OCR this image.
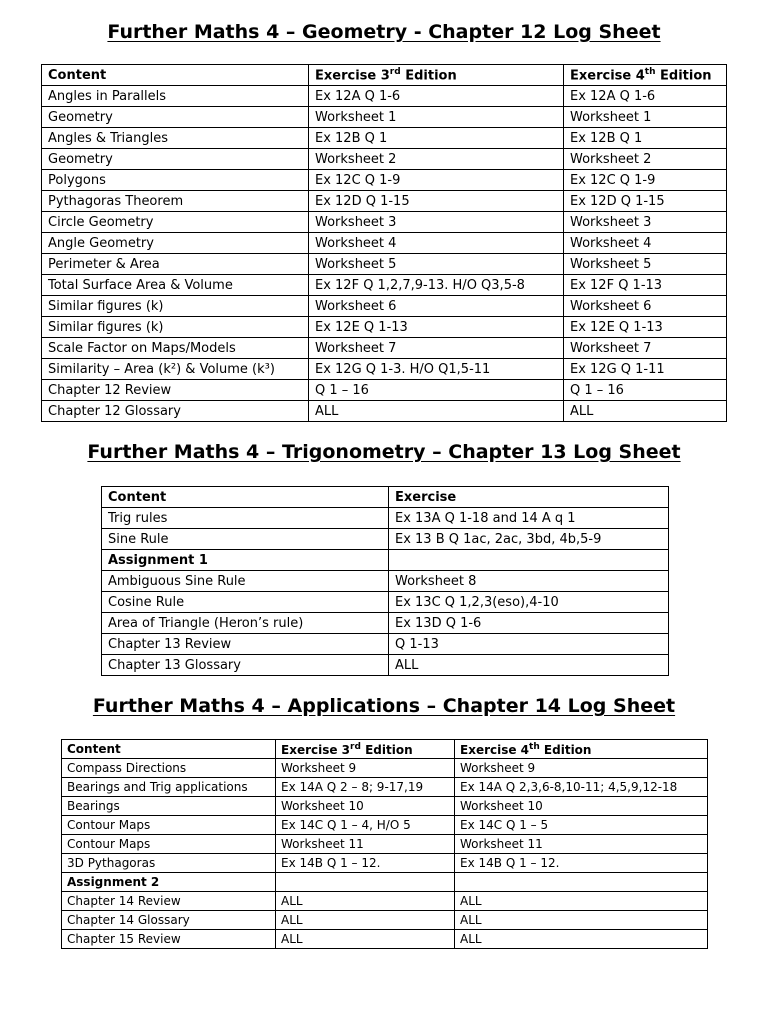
Further Maths 4 – Geometry - Chapter 12 Log Sheet
Content	Exercise 3rd Edition	Exercise 4th Edition
Angles in Parallels	Ex 12A Q 1-6	Ex 12A Q 1-6
Geometry	Worksheet 1	Worksheet 1
Angles & Triangles	Ex 12B Q 1	Ex 12B Q 1
Geometry	Worksheet 2	Worksheet 2
Polygons	Ex 12C Q 1-9	Ex 12C Q 1-9
Pythagoras Theorem	Ex 12D Q 1-15	Ex 12D Q 1-15
Circle Geometry	Worksheet 3	Worksheet 3
Angle Geometry	Worksheet 4	Worksheet 4
Perimeter & Area	Worksheet 5	Worksheet 5
Total Surface Area & Volume	Ex 12F Q 1,2,7,9-13. H/O Q3,5-8	Ex 12F Q 1-13
Similar figures (k)	Worksheet 6	Worksheet 6
Similar figures (k)	Ex 12E Q 1-13	Ex 12E Q 1-13
Scale Factor on Maps/Models	Worksheet 7	Worksheet 7
Similarity – Area (k²) & Volume (k³)	Ex 12G Q 1-3. H/O Q1,5-11	Ex 12G Q 1-11
Chapter 12 Review	Q 1 – 16	Q 1 – 16
Chapter 12 Glossary	ALL	ALL
Further Maths 4 – Trigonometry – Chapter 13 Log Sheet
Content	Exercise
Trig rules	Ex 13A Q 1-18 and 14 A q 1
Sine Rule	Ex 13 B Q 1ac, 2ac, 3bd, 4b,5-9
Assignment 1	
Ambiguous Sine Rule	Worksheet 8
Cosine Rule	Ex 13C Q 1,2,3(eso),4-10
Area of Triangle (Heron’s rule)	Ex 13D Q 1-6
Chapter 13 Review	Q 1-13
Chapter 13 Glossary	ALL
Further Maths 4 – Applications – Chapter 14 Log Sheet
Content	Exercise 3rd Edition	Exercise 4th Edition
Compass Directions	Worksheet 9	Worksheet 9
Bearings and Trig applications	Ex 14A Q 2 – 8; 9-17,19	Ex 14A Q 2,3,6-8,10-11; 4,5,9,12-18
Bearings	Worksheet 10	Worksheet 10
Contour Maps	Ex 14C Q 1 – 4, H/O 5	Ex 14C Q 1 – 5
Contour Maps	Worksheet 11	Worksheet 11
3D Pythagoras	Ex 14B Q 1 – 12.	Ex 14B Q 1 – 12.
Assignment 2		
Chapter 14 Review	ALL	ALL
Chapter 14 Glossary	ALL	ALL
Chapter 15 Review	ALL	ALL
